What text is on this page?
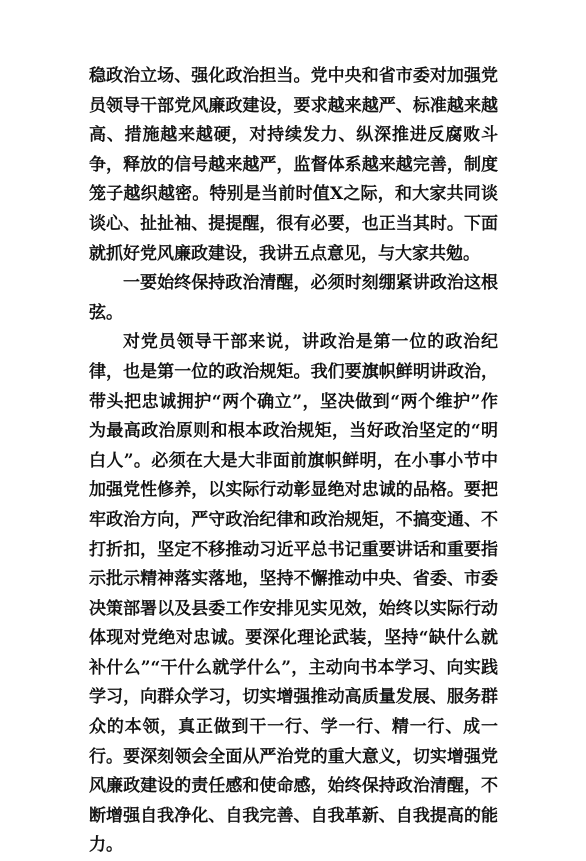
稳政治立场、强化政治担当。党中央和省市委对加强党员领导干部党风廉政建设，要求越来越严、标准越来越高、措施越来越硬，对持续发力、纵深推进反腐败斗争，释放的信号越来越严，监督体系越来越完善，制度笼子越织越密。特别是当前时值X之际，和大家共同谈谈心、扯扯袖、提提醒，很有必要，也正当其时。下面就抓好党风廉政建设，我讲五点意见，与大家共勉。

一要始终保持政治清醒，必须时刻绷紧讲政治这根弦。

对党员领导干部来说，讲政治是第一位的政治纪律，也是第一位的政治规矩。我们要旗帜鲜明讲政治，带头把忠诚拥护“两个确立”，坚决做到“两个维护”作为最高政治原则和根本政治规矩，当好政治坚定的“明白人”。必须在大是大非面前旗帜鲜明，在小事小节中加强党性修养，以实际行动彰显绝对忠诚的品格。要把牢政治方向，严守政治纪律和政治规矩，不搞变通、不打折扣，坚定不移推动习近平总书记重要讲话和重要指示批示精神落实落地，坚持不懈推动中央、省委、市委决策部署以及县委工作安排见实见效，始终以实际行动体现对党绝对忠诚。要深化理论武装，坚持“缺什么就补什么”“干什么就学什么”，主动向书本学习、向实践学习，向群众学习，切实增强推动高质量发展、服务群众的本领，真正做到干一行、学一行、精一行、成一行。要深刻领会全面从严治党的重大意义，切实增强党风廉政建设的责任感和使命感，始终保持政治清醒，不断增强自我净化、自我完善、自我革新、自我提高的能力。
